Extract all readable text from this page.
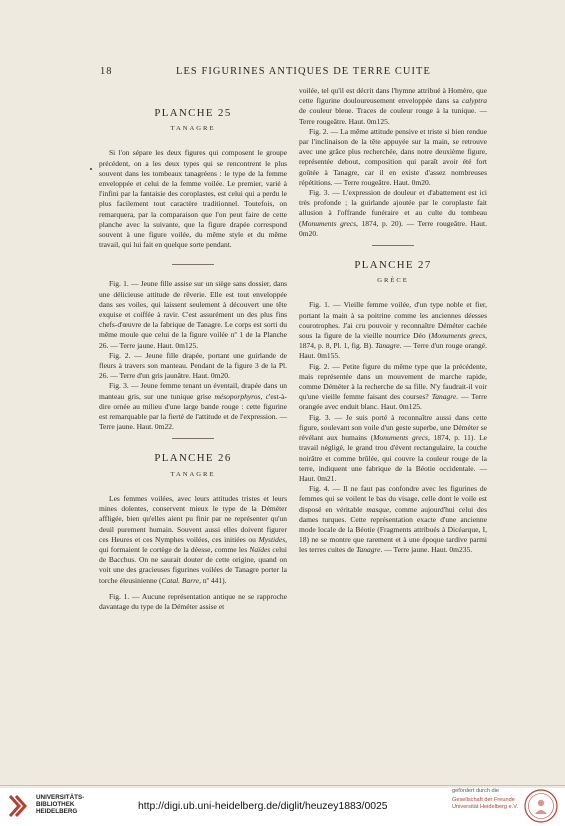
18	LES FIGURINES ANTIQUES DE TERRE CUITE

PLANCHE 25

TANAGRE

Si l'on sépare les deux figures qui composent le groupe précédent, on a les deux types qui se rencontrent le plus souvent dans les tombeaux tanagréens : le type de la femme enveloppée et celui de la femme voilée. Le premier, varié à l'infini par la fantaisie des coroplastes, est celui qui a perdu le plus facilement tout caractère traditionnel. Toutefois, on remarquera, par la comparaison que l'on peut faire de cette planche avec la suivante, que la figure drapée correspond souvent à une figure voilée, du même style et du même travail, qui lui fait en quelque sorte pendant.

Fig. 1. — Jeune fille assise sur un siège sans dossier, dans une délicieuse attitude de rêverie. Elle est tout enveloppée dans ses voiles, qui laissent seulement à découvert une tête exquise et coiffée à ravir. C'est assurément un des plus fins chefs-d'œuvre de la fabrique de Tanagre. Le corps est sorti du même moule que celui de la figure voilée nº 1 de la Planche 26. — Terre jaune. Haut. 0m125.

Fig. 2. — Jeune fille drapée, portant une guirlande de fleurs à travers son manteau. Pendant de la figure 3 de la Pl. 26. — Terre d'un gris jaunâtre. Haut. 0m20.

Fig. 3. — Jeune femme tenant un éventail, drapée dans un manteau gris, sur une tunique grise mésoporphyros, c'est-à-dire ornée au milieu d'une large bande rouge : cette figurine est remarquable par la fierté de l'attitude et de l'expression. — Terre jaune. Haut. 0m22.

PLANCHE 26

TANAGRE

Les femmes voilées, avec leurs attitudes tristes et leurs mines dolentes, conservent mieux le type de la Déméter affligée, bien qu'elles aient pu finir par ne représenter qu'un deuil purement humain. Souvent aussi elles doivent figurer ces Heures et ces Nymphes voilées, ces initiées ou Mystides, qui formaient le cortège de la déesse, comme les Naïdes celui de Bacchus. On ne saurait douter de cette origine, quand on voit une des gracieuses figurines voilées de Tanagre porter la torche éleusinienne (Catal. Barre, nº 441).

Fig. 1. — Aucune représentation antique ne se rapproche davantage du type de la Déméter assise et

voilée, tel qu'il est décrit dans l'hymne attribué à Homère, que cette figurine douloureusement enveloppée dans sa calyptra de couleur bleue. Traces de couleur rouge à la tunique. — Terre rougeâtre. Haut. 0m125.

Fig. 2. — La même attitude pensive et triste si bien rendue par l'inclinaison de la tête appuyée sur la main, se retrouve avec une grâce plus recherchée, dans notre deuxième figure, représentée debout, composition qui paraît avoir été fort goûtée à Tanagre, car il en existe d'assez nombreuses répétitions. — Terre rougeâtre. Haut. 0m20.

Fig. 3. — L'expression de douleur et d'abattement est ici très profonde ; la guirlande ajoutée par le coroplaste fait allusion à l'offrande funéraire et au culte du tombeau (Monuments grecs, 1874, p. 20). — Terre rougeâtre. Haut. 0m20.

PLANCHE 27

GRÈCE

Fig. 1. — Vieille femme voilée, d'un type noble et fier, portant la main à sa poitrine comme les anciennes déesses courotrophes. J'ai cru pouvoir y reconnaître Déméter cachée sous la figure de la vieille nourrice Déo (Monuments grecs, 1874, p. 8, Pl. 1, fig. B). Tanagre. — Terre d'un rouge orangé. Haut. 0m155.

Fig. 2. — Petite figure du même type que la précédente, mais représentée dans un mouvement de marche rapide, comme Déméter à la recherche de sa fille. N'y faudrait-il voir qu'une vieille femme faisant des courses? Tanagre. — Terre orangée avec enduit blanc. Haut. 0m125.

Fig. 3. — Je suis porté à reconnaître aussi dans cette figure, soulevant son voile d'un geste superbe, une Déméter se révélant aux humains (Monuments grecs, 1874, p. 11). Le travail négligé, le grand trou d'évent rectangulaire, la couche noirâtre et comme brûlée, qui couvre la couleur rouge de la terre, indiquent une fabrique de la Béotie occidentale. — Haut. 0m21.

Fig. 4. — Il ne faut pas confondre avec les figurines de femmes qui se voilent le bas du visage, celle dont le voile est disposé en véritable masque, comme aujourd'hui celui des dames turques. Cette représentation exacte d'une ancienne mode locale de la Béotie (Fragments attribués à Dicéarque, I, 18) ne se montre que rarement et à une époque tardive parmi les terres cuites de Tanagre. — Terre jaune. Haut. 0m235.

UNIVERSITÄTS-
BIBLIOTHEK
HEIDELBERG	http://digi.ub.uni-heidelberg.de/diglit/heuzey1883/0025
gefördert durch die
Gesellschaft der Freunde
Universität Heidelberg e.V.
